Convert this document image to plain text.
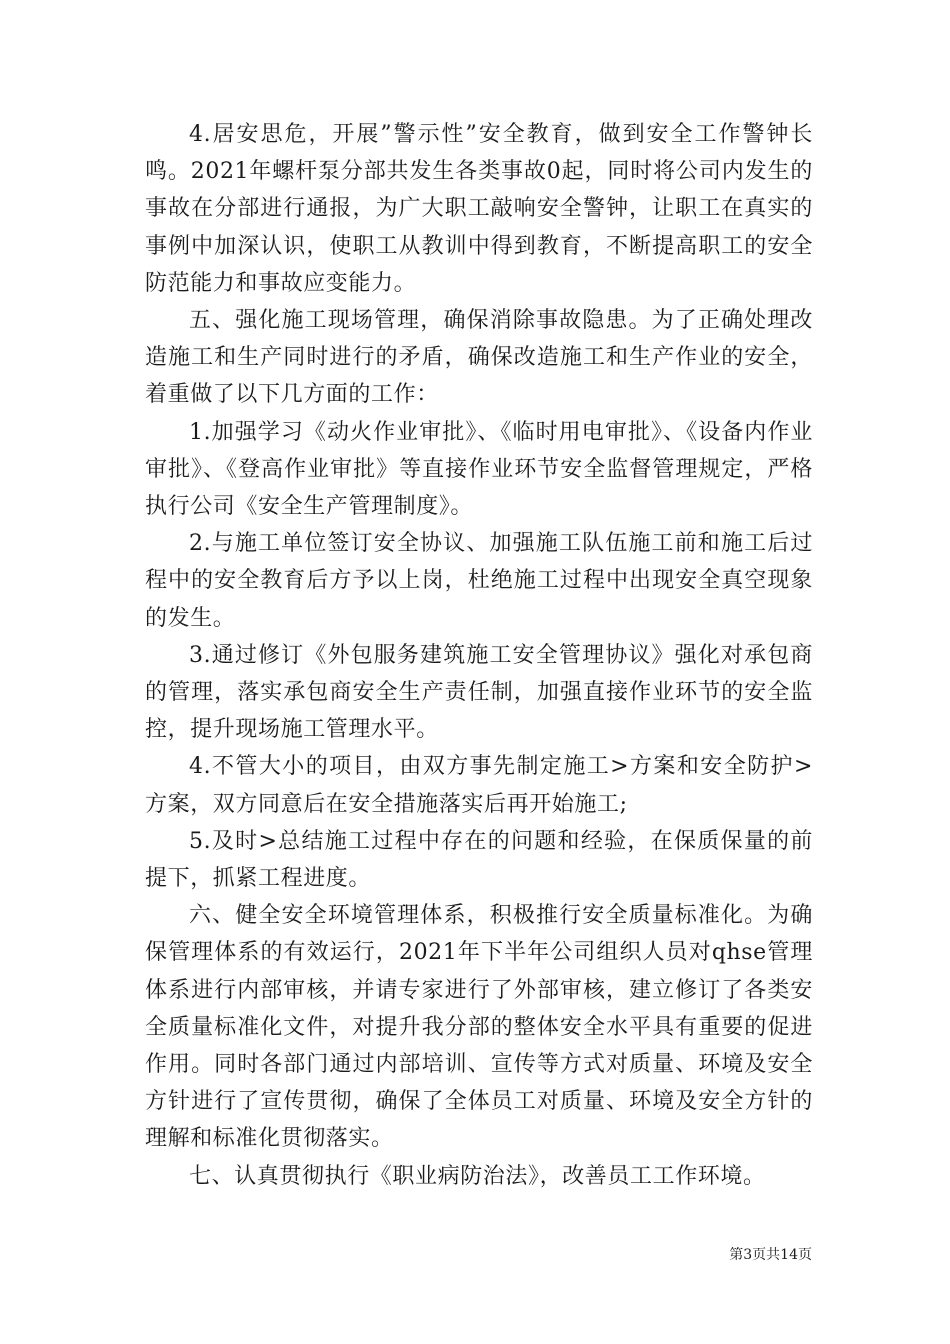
4.居安思危，开展”警示性”安全教育，做到安全工作警钟长鸣。2021年螺杆泵分部共发生各类事故0起，同时将公司内发生的事故在分部进行通报，为广大职工敲响安全警钟，让职工在真实的事例中加深认识，使职工从教训中得到教育，不断提高职工的安全防范能力和事故应变能力。

五、强化施工现场管理，确保消除事故隐患。为了正确处理改造施工和生产同时进行的矛盾，确保改造施工和生产作业的安全，着重做了以下几方面的工作：

1.加强学习《动火作业审批》、《临时用电审批》、《设备内作业审批》、《登高作业审批》等直接作业环节安全监督管理规定，严格执行公司《安全生产管理制度》。

2.与施工单位签订安全协议、加强施工队伍施工前和施工后过程中的安全教育后方予以上岗，杜绝施工过程中出现安全真空现象的发生。

3.通过修订《外包服务建筑施工安全管理协议》强化对承包商的管理，落实承包商安全生产责任制，加强直接作业环节的安全监控，提升现场施工管理水平。

4.不管大小的项目，由双方事先制定施工>方案和安全防护>方案，双方同意后在安全措施落实后再开始施工;

5.及时>总结施工过程中存在的问题和经验，在保质保量的前提下，抓紧工程进度。

六、健全安全环境管理体系，积极推行安全质量标准化。为确保管理体系的有效运行，2021年下半年公司组织人员对qhse管理体系进行内部审核，并请专家进行了外部审核，建立修订了各类安全质量标准化文件，对提升我分部的整体安全水平具有重要的促进作用。同时各部门通过内部培训、宣传等方式对质量、环境及安全方针进行了宣传贯彻，确保了全体员工对质量、环境及安全方针的理解和标准化贯彻落实。

七、认真贯彻执行《职业病防治法》，改善员工工作环境。

第3页共14页
